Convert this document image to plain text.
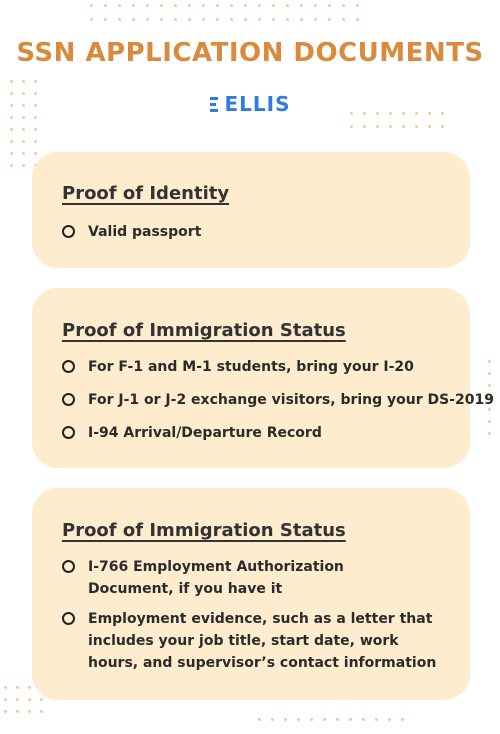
SSN APPLICATION DOCUMENTS
ELLIS
Proof of Identity
Valid passport
Proof of Immigration Status
For F-1 and M-1 students, bring your I-20
For J-1 or J-2 exchange visitors, bring your DS-2019
I-94 Arrival/Departure Record
Proof of Immigration Status
I-766 Employment Authorization Document, if you have it
Employment evidence, such as a letter that includes your job title, start date, work hours, and supervisor’s contact information
